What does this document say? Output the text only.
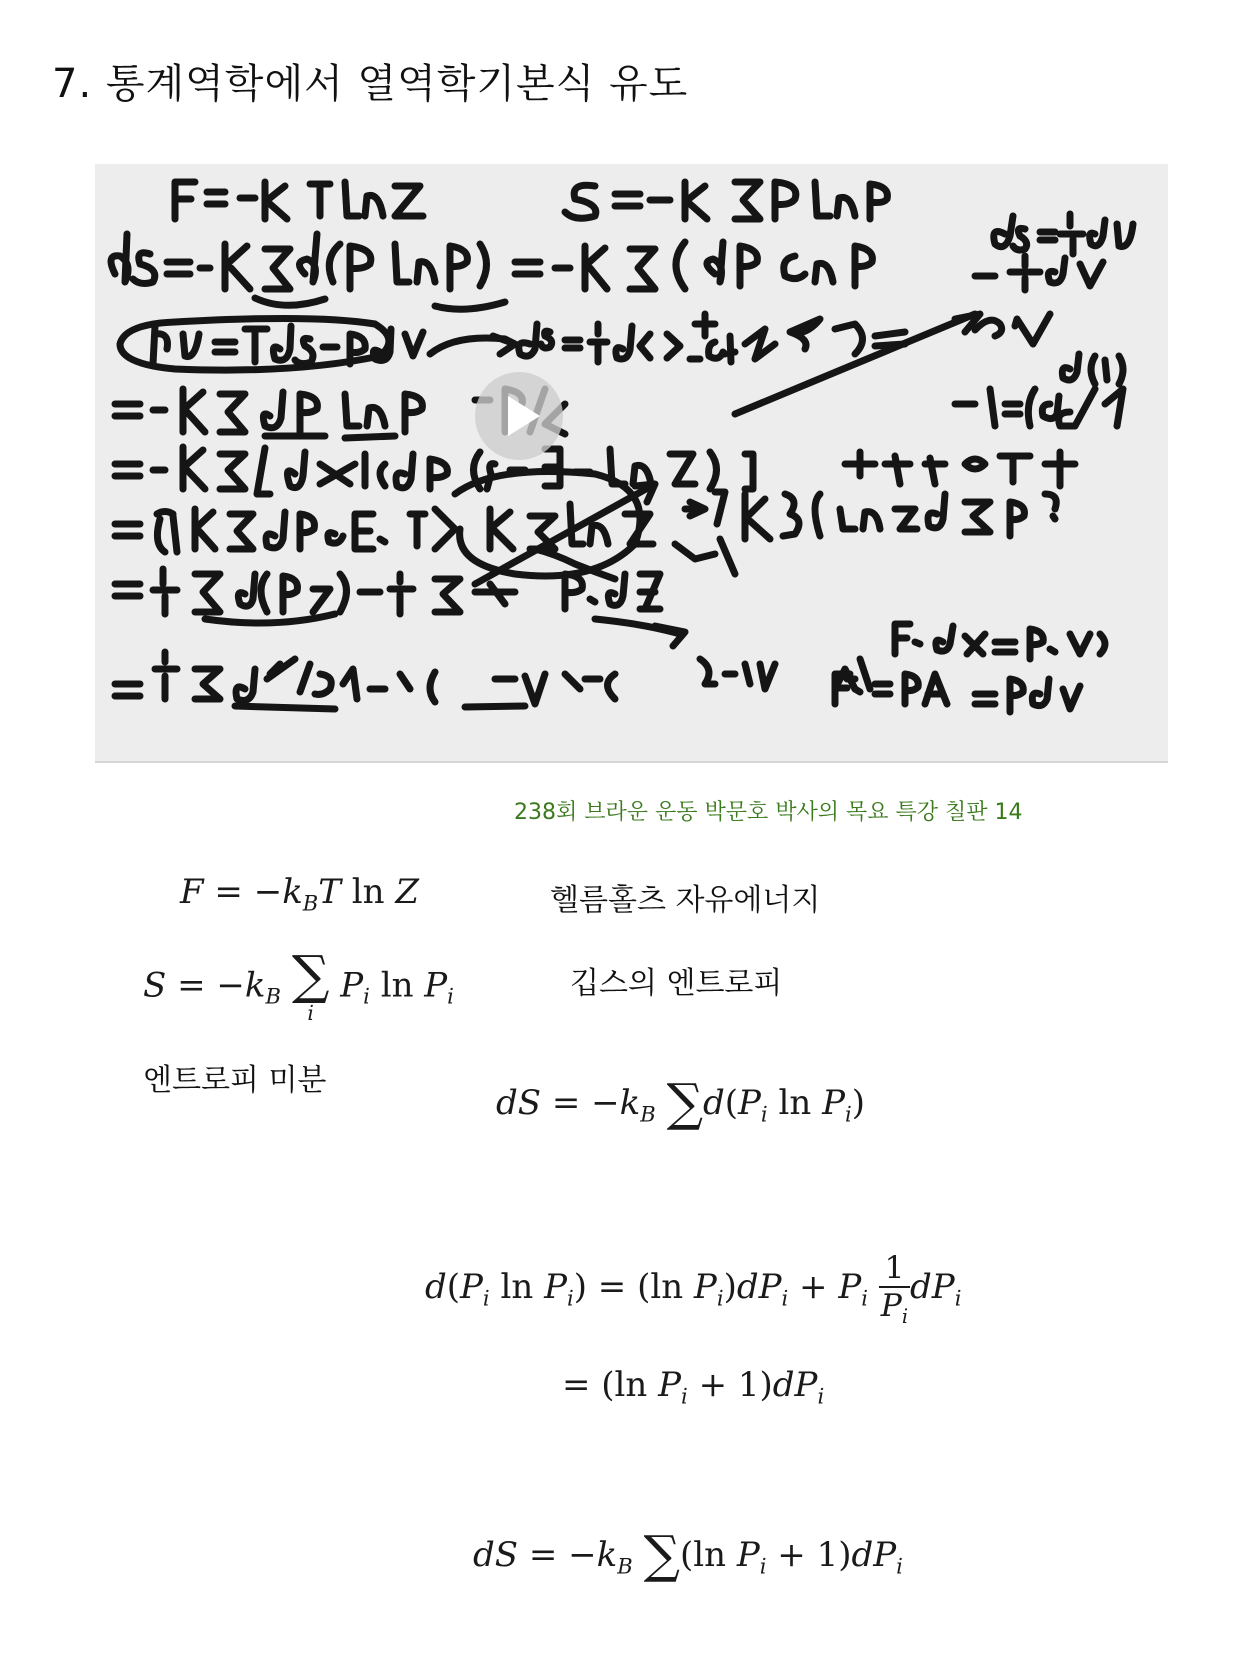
7. 통계역학에서 열역학기본식 유도
238회 브라운 운동 박문호 박사의 목요 특강 칠판 14
$F = -k_BT$ ln Z	헬름홀츠 자유에너지
$S = -k_B$ ∑
i
$P_i$ $\ln P_i$	깁스의 엔트로피
엔트로피 미분
dS = $-k_B$ $\sum d(P_i$ $\ln P_i$)
$d(P_i$ $\ln P_i) = (\ln$ $P_i)dP_i + P_i \frac{1}{P_i} dP_i$
= (ln $P_i + 1)dP_i$
dS = $-k_B$ ∑(ln $P_i + 1)dP_i$
